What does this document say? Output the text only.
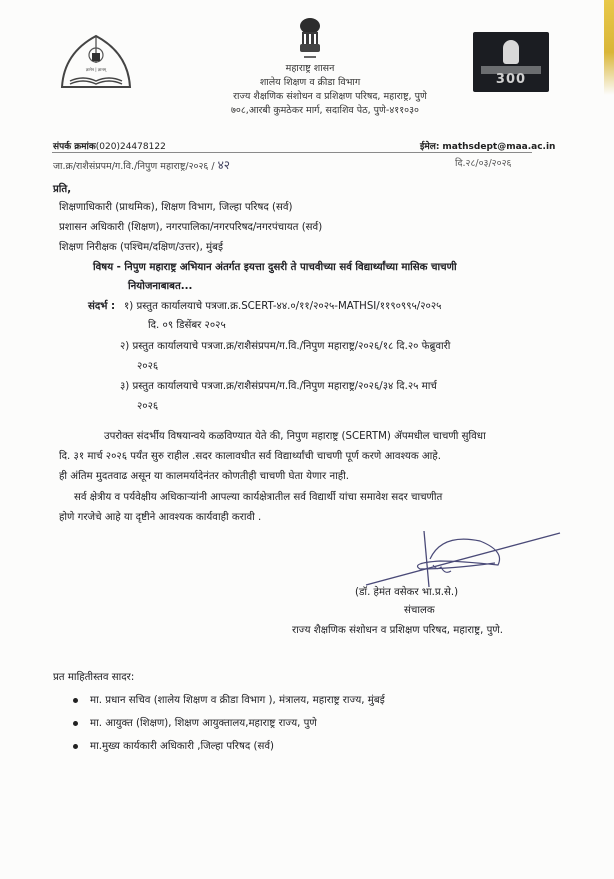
ज्ञानेन | ज्ञानम्
300
महाराष्ट्र शासन
शालेय शिक्षण व क्रीडा विभाग
राज्य शैक्षणिक संशोधन व प्रशिक्षण परिषद, महाराष्ट्र, पुणे
७०८,आरबी कुमठेकर मार्ग, सदाशिव पेठ, पुणे-४११०३०
संपर्क क्रमांक(020)24478122	ईमेल: mathsdept@maa.ac.in
जा.क्र/राशैसंप्रपम/ग.वि./निपुण महाराष्ट्र/२०२६ / ४२	दि.२८/०३/२०२६
प्रति,
शिक्षणाधिकारी (प्राथमिक), शिक्षण विभाग, जिल्हा परिषद (सर्व)
प्रशासन अधिकारी (शिक्षण), नगरपालिका/नगरपरिषद/नगरपंचायत (सर्व)
शिक्षण निरीक्षक (पश्चिम/दक्षिण/उत्तर), मुंबई
विषय - निपुण महाराष्ट्र अभियान अंतर्गत इयत्ता दुसरी ते पाचवीच्या सर्व विद्यार्थ्यांच्या मासिक चाचणी
नियोजनाबाबत...
संदर्भ : १) प्रस्तुत कार्यालयाचे पत्रजा.क्र.SCERT-४४.०/११/२०२५-MATHSI/११९०९९५/२०२५
दि. ०९ डिसेंबर २०२५
२) प्रस्तुत कार्यालयाचे पत्रजा.क्र/राशैसंप्रपम/ग.वि./निपुण महाराष्ट्र/२०२६/१८ दि.२० फेब्रुवारी
२०२६
३) प्रस्तुत कार्यालयाचे पत्रजा.क्र/राशैसंप्रपम/ग.वि./निपुण महाराष्ट्र/२०२६/३४ दि.२५ मार्च
२०२६
उपरोक्त संदर्भीय विषयान्वये कळविण्यात येते की, निपुण महाराष्ट्र (SCERTM) ॲपमधील चाचणी सुविधा
दि. ३१ मार्च २०२६ पर्यंत सुरु राहील .सदर कालावधीत सर्व विद्यार्थ्यांची चाचणी पूर्ण करणे आवश्यक आहे.
ही अंतिम मुदतवाढ असून या कालमर्यादेनंतर कोणतीही चाचणी घेता येणार नाही.
सर्व क्षेत्रीय व पर्यवेक्षीय अधिकाऱ्यांनी आपल्या कार्यक्षेत्रातील सर्व विद्यार्थी यांचा समावेश सदर चाचणीत
होणे गरजेचे आहे या दृष्टीने आवश्यक कार्यवाही करावी .
(डॉ. हेमंत वसेकर भा.प्र.से.)
संचालक
राज्य शैक्षणिक संशोधन व प्रशिक्षण परिषद, महाराष्ट्र, पुणे.
प्रत माहितीस्तव सादर:
मा. प्रधान सचिव (शालेय शिक्षण व क्रीडा विभाग ), मंत्रालय, महाराष्ट्र राज्य, मुंबई
मा. आयुक्त (शिक्षण), शिक्षण आयुक्तालय,महाराष्ट्र राज्य, पुणे
मा.मुख्य कार्यकारी अधिकारी ,जिल्हा परिषद (सर्व)
